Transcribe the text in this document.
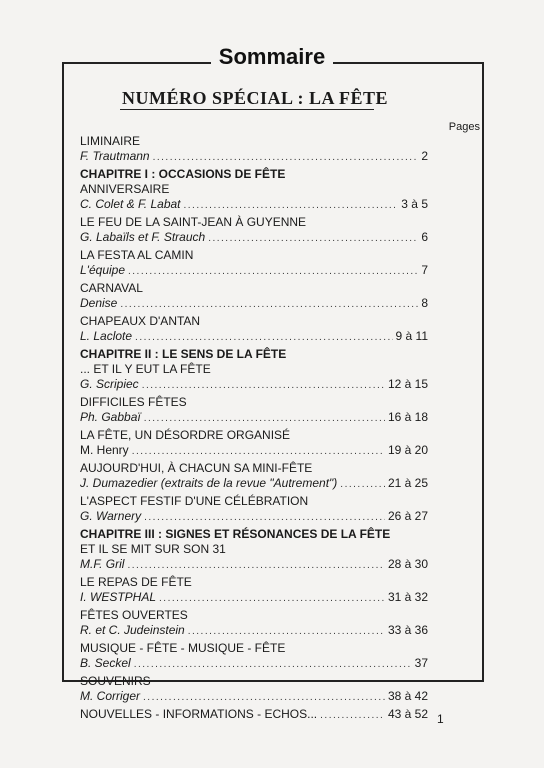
Sommaire
NUMÉRO SPÉCIAL : LA FÊTE
Pages
LIMINAIRE
F. Trautmann .....	2
CHAPITRE I : OCCASIONS DE FÊTE
ANNIVERSAIRE
C. Colet & F. Labat .....	3 à 5
LE FEU DE LA SAINT-JEAN À GUYENNE
G. Labaïls et F. Strauch .....	6
LA FESTA AL CAMIN
L'équipe .....	7
CARNAVAL
Denise .....	8
CHAPEAUX D'ANTAN
L. Laclote .....	9 à 11
CHAPITRE II : LE SENS DE LA FÊTE
... ET IL Y EUT LA FÊTE
G. Scripiec .....	12 à 15
DIFFICILES FÊTES
Ph. Gabbaï .....	16 à 18
LA FÊTE, UN DÉSORDRE ORGANISÉ
M. Henry .....	19 à 20
AUJOURD'HUI, À CHACUN SA MINI-FÊTE
J. Dumazedier (extraits de la revue "Autrement") .....	21 à 25
L'ASPECT FESTIF D'UNE CÉLÉBRATION
G. Warnery .....	26 à 27
CHAPITRE III : SIGNES ET RÉSONANCES DE LA FÊTE
ET IL SE MIT SUR SON 31
M.F. Gril .....	28 à 30
LE REPAS DE FÊTE
I. WESTPHAL .....	31 à 32
FÊTES OUVERTES
R. et C. Judeinstein .....	33 à 36
MUSIQUE - FÊTE - MUSIQUE - FÊTE
B. Seckel .....	37
SOUVENIRS
M. Corriger .....	38 à 42
NOUVELLES - INFORMATIONS - ECHOS... .....	43 à 52 1
